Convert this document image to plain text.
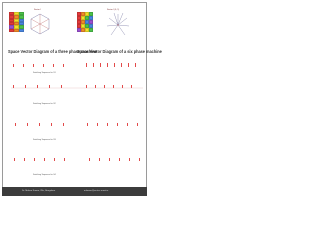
Sector I	Sector I (6, 1)
Space Vector Diagram of a three phase machine
Space Vector Diagram of a six phase machine
Switching Sequence for S1
Switching Sequence for S2
Switching Sequence for S3
Switching Sequence for S4
Dr. Mohan Kumar, IISc, Bangalore	mkumar@ee.iisc.ernet.in
